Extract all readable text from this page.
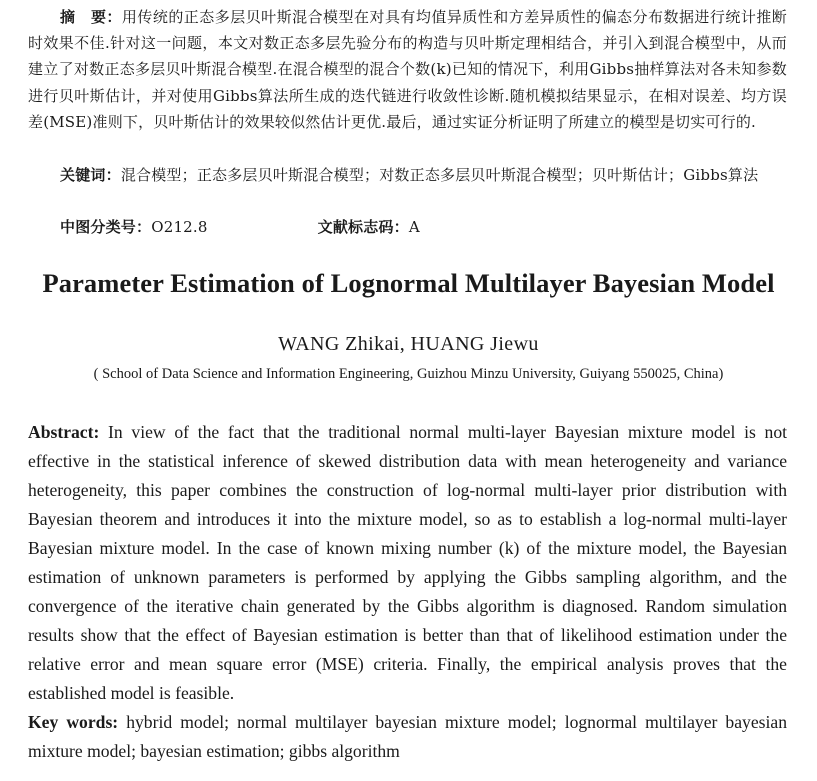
摘　要：用传统的正态多层贝叶斯混合模型在对具有均值异质性和方差异质性的偏态分布数据进行统计推断时效果不佳.针对这一问题，本文对数正态多层先验分布的构造与贝叶斯定理相结合，并引入到混合模型中，从而建立了对数正态多层贝叶斯混合模型.在混合模型的混合个数(k)已知的情况下，利用Gibbs抽样算法对各未知参数进行贝叶斯估计，并对使用Gibbs算法所生成的迭代链进行收敛性诊断.随机模拟结果显示，在相对误差、均方误差(MSE)准则下，贝叶斯估计的效果较似然估计更优.最后，通过实证分析证明了所建立的模型是切实可行的.
关键词：混合模型；正态多层贝叶斯混合模型；对数正态多层贝叶斯混合模型；贝叶斯估计；Gibbs算法
中图分类号：O212.8	文献标志码：A
Parameter Estimation of Lognormal Multilayer Bayesian Model
WANG Zhikai, HUANG Jiewu
( School of Data Science and Information Engineering, Guizhou Minzu University, Guiyang 550025, China)
Abstract: In view of the fact that the traditional normal multi-layer Bayesian mixture model is not effective in the statistical inference of skewed distribution data with mean heterogeneity and variance heterogeneity, this paper combines the construction of log-normal multi-layer prior distribution with Bayesian theorem and introduces it into the mixture model, so as to establish a log-normal multi-layer Bayesian mixture model. In the case of known mixing number (k) of the mixture model, the Bayesian estimation of unknown parameters is performed by applying the Gibbs sampling algorithm, and the convergence of the iterative chain generated by the Gibbs algorithm is diagnosed. Random simulation results show that the effect of Bayesian estimation is better than that of likelihood estimation under the relative error and mean square error (MSE) criteria. Finally, the empirical analysis proves that the established model is feasible.
Key words: hybrid model; normal multilayer bayesian mixture model; lognormal multilayer bayesian mixture model; bayesian estimation; gibbs algorithm
